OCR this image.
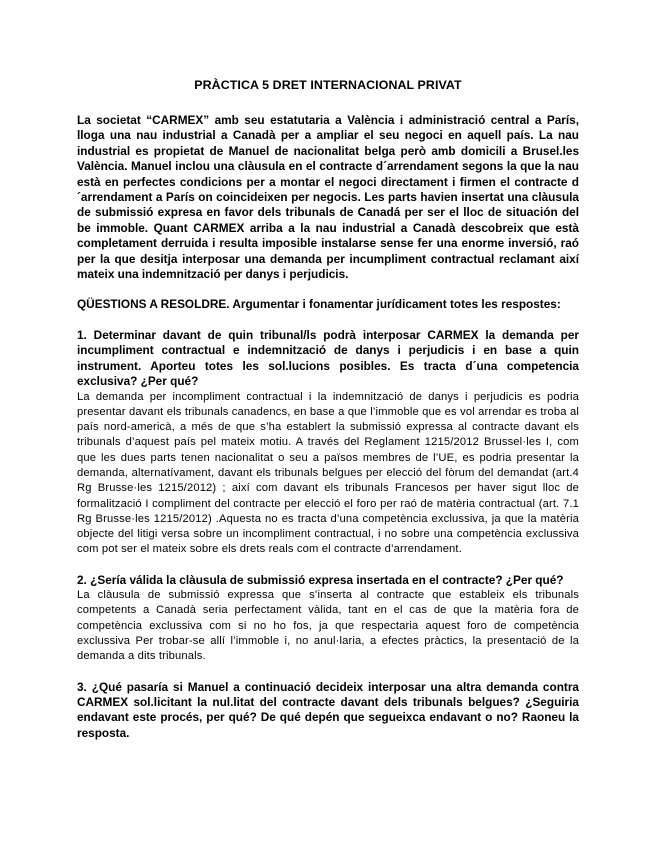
PRÀCTICA 5 DRET INTERNACIONAL PRIVAT

La societat “CARMEX” amb seu estatutaria a València i administració central a París, lloga una nau industrial a Canadà per a ampliar el seu negoci en aquell país. La nau industrial es propietat de Manuel de nacionalitat belga però amb domicili a Brusel.les València. Manuel inclou una clàusula en el contracte d´arrendament segons la que la nau està en perfectes condicions per a montar el negoci directament i firmen el contracte d´arrendament a París on coincideixen per negocis. Les parts havien insertat una clàusula de submissió expresa en favor dels tribunals de Canadá per ser el lloc de situación del be immoble. Quant CARMEX arriba a la nau industrial a Canadà descobreix que està completament derruida i resulta imposible instalarse sense fer una enorme inversió, raó per la que desitja interposar una demanda per incumpliment contractual reclamant així mateix una indemnització per danys i perjudicis.

QÜESTIONS A RESOLDRE. Argumentar i fonamentar jurídicament totes les respostes:

1. Determinar davant de quin tribunal/ls podrà interposar CARMEX la demanda per incumpliment contractual e indemnització de danys i perjudicis i en base a quin instrument. Aporteu totes les sol.lucions posibles. Es tracta d´una competencia exclusiva? ¿Per qué?

La demanda per incompliment contractual i la indemnització de danys i perjudicis es podria presentar davant els tribunals canadencs, en base a que l’immoble que es vol arrendar es troba al país nord-americà, a més de que s’ha establert la submissió expressa al contracte davant els tribunals d’aquest país pel mateix motiu. A través del Reglament 1215/2012 Brussel·les I, com que les dues parts tenen nacionalitat o seu a països membres de l’UE, es podria presentar la demanda, alternatívament, davant els tribunals belgues per elecció del fòrum del demandat (art.4 Rg Brusse·les 1215/2012) ; així com davant els tribunals Francesos per haver sigut lloc de formalització I compliment del contracte per elecció el foro per raó de matèria contractual (art. 7.1 Rg Brusse·les 1215/2012) .Aquesta no es tracta d’una competència exclussiva, ja que la matèria objecte del litigi versa sobre un incompliment contractual, i no sobre una competència exclussiva com pot ser el mateix sobre els drets reals com el contracte d’arrendament.

2. ¿Sería válida la clàusula de submissió expresa insertada en el contracte? ¿Per qué?

La clàusula de submissió expressa que s’inserta al contracte que estableix els tribunals competents a Canadà seria perfectament vàlida, tant en el cas de que la matèria fora de competència exclussiva com si no ho fos, ja que respectaria aquest foro de competència exclussiva Per trobar-se allí l’immoble i, no anul·laria, a efectes pràctics, la presentació de la demanda a dits tribunals.

3. ¿Qué pasaría si Manuel a continuació decideix interposar una altra demanda contra CARMEX sol.licitant la nul.litat del contracte davant dels tribunals belgues? ¿Seguiria endavant este procés, per qué? De qué depén que segueixca endavant o no? Raoneu la resposta.
